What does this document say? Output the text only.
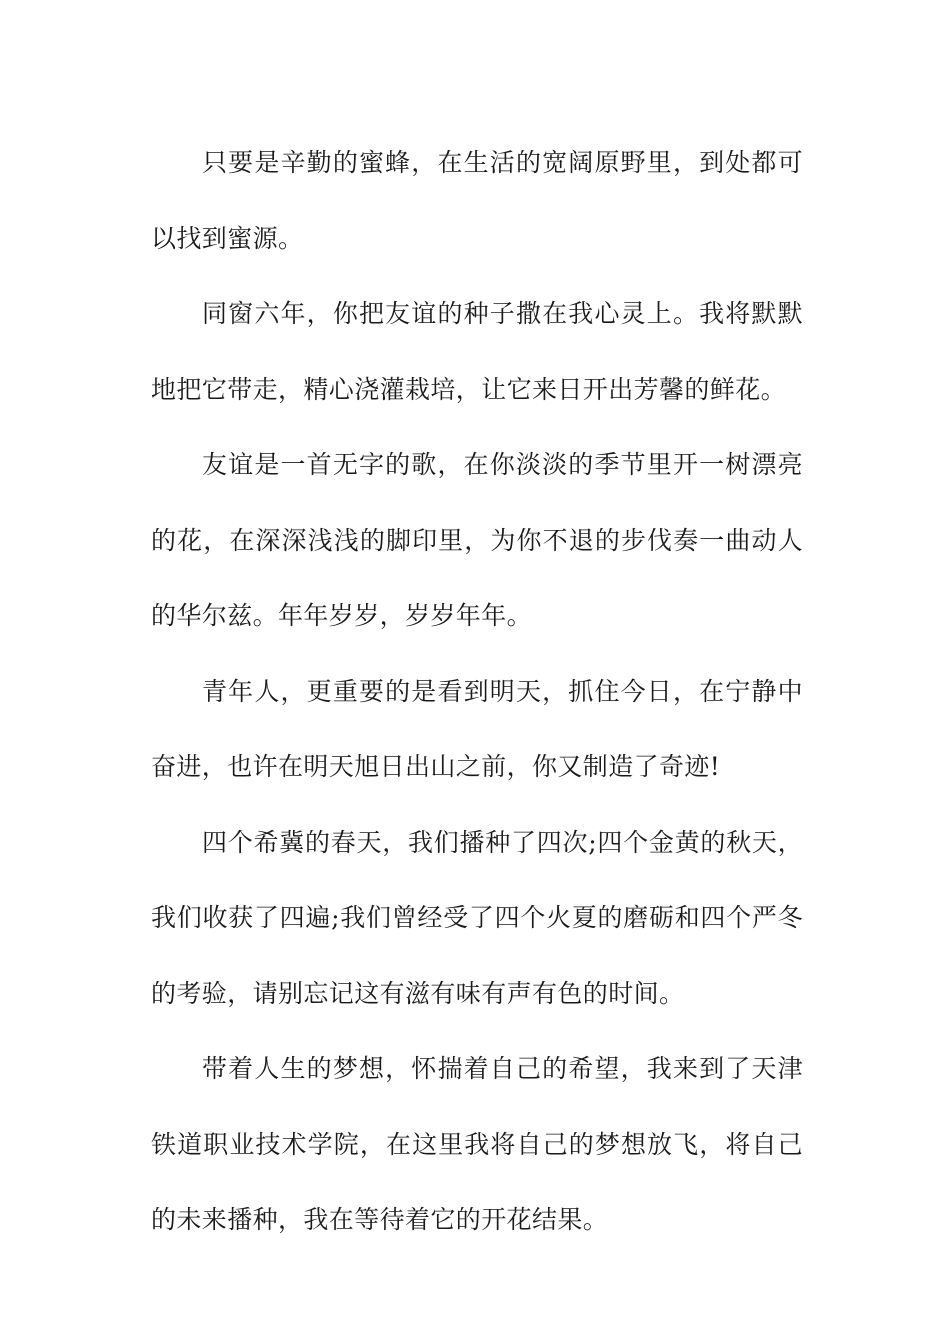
只要是辛勤的蜜蜂，在生活的宽阔原野里，到处都可以找到蜜源。

同窗六年，你把友谊的种子撒在我心灵上。我将默默地把它带走，精心浇灌栽培，让它来日开出芳馨的鲜花。

友谊是一首无字的歌，在你淡淡的季节里开一树漂亮的花，在深深浅浅的脚印里，为你不退的步伐奏一曲动人的华尔兹。年年岁岁，岁岁年年。

青年人，更重要的是看到明天，抓住今日，在宁静中奋进，也许在明天旭日出山之前，你又制造了奇迹!

四个希冀的春天，我们播种了四次;四个金黄的秋天，我们收获了四遍;我们曾经受了四个火夏的磨砺和四个严冬的考验，请别忘记这有滋有味有声有色的时间。

带着人生的梦想，怀揣着自己的希望，我来到了天津铁道职业技术学院，在这里我将自己的梦想放飞，将自己的未来播种，我在等待着它的开花结果。
